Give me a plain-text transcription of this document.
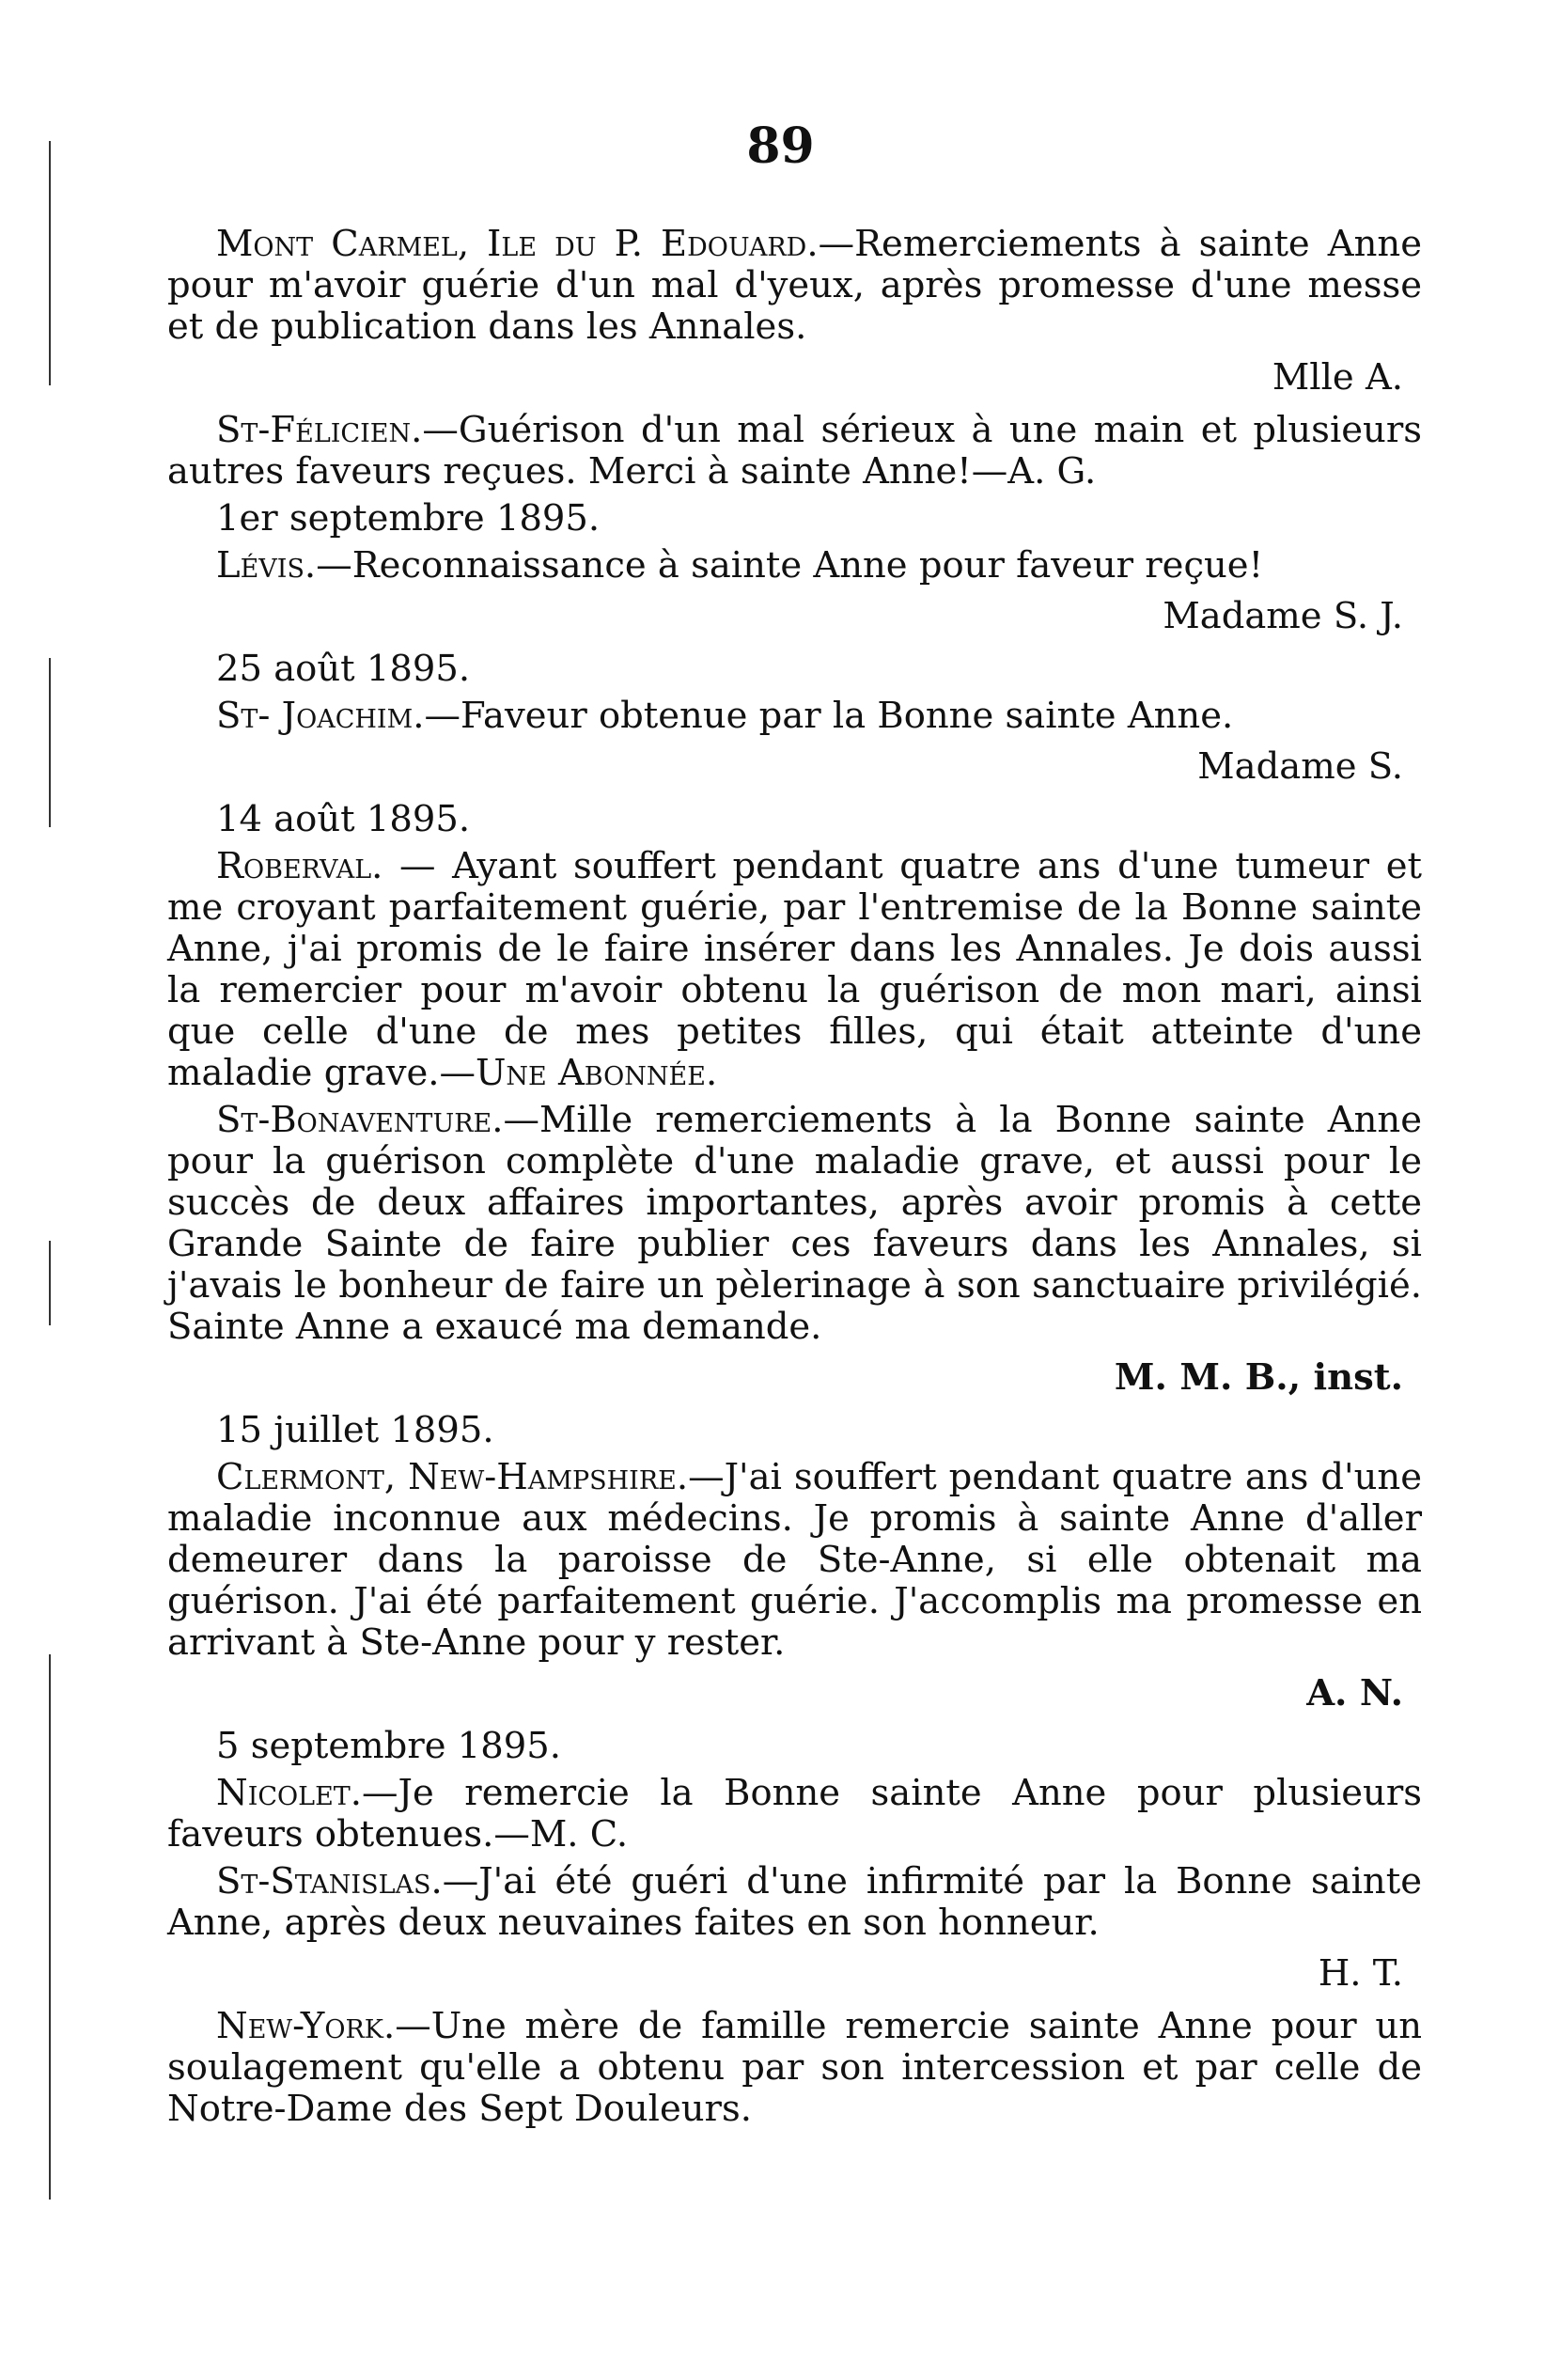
89

Mont Carmel, Ile du P. Edouard.—Remerciements à sainte Anne pour m'avoir guérie d'un mal d'yeux, après promesse d'une messe et de publication dans les Annales.

Mlle A.

St-Félicien.—Guérison d'un mal sérieux à une main et plusieurs autres faveurs reçues. Merci à sainte Anne!—A. G.

1er septembre 1895.

Lévis.—Reconnaissance à sainte Anne pour faveur reçue!

Madame S. J.
25 août 1895.

St- Joachim.—Faveur obtenue par la Bonne sainte Anne.

Madame S.
14 août 1895.

Roberval. — Ayant souffert pendant quatre ans d'une tumeur et me croyant parfaitement guérie, par l'entremise de la Bonne sainte Anne, j'ai promis de le faire insérer dans les Annales. Je dois aussi la remercier pour m'avoir obtenu la guérison de mon mari, ainsi que celle d'une de mes petites filles, qui était atteinte d'une maladie grave.—Une Abonnée.

St-Bonaventure.—Mille remerciements à la Bonne sainte Anne pour la guérison complète d'une maladie grave, et aussi pour le succès de deux affaires importantes, après avoir promis à cette Grande Sainte de faire publier ces faveurs dans les Annales, si j'avais le bonheur de faire un pèlerinage à son sanctuaire privilégié. Sainte Anne a exaucé ma demande.

M. M. B., inst.
15 juillet 1895.

Clermont, New-Hampshire.—J'ai souffert pendant quatre ans d'une maladie inconnue aux médecins. Je promis à sainte Anne d'aller demeurer dans la paroisse de Ste-Anne, si elle obtenait ma guérison. J'ai été parfaitement guérie. J'accomplis ma promesse en arrivant à Ste-Anne pour y rester.

A. N.
5 septembre 1895.

Nicolet.—Je remercie la Bonne sainte Anne pour plusieurs faveurs obtenues.—M. C.

St-Stanislas.—J'ai été guéri d'une infirmité par la Bonne sainte Anne, après deux neuvaines faites en son honneur.

H. T.

New-York.—Une mère de famille remercie sainte Anne pour un soulagement qu'elle a obtenu par son intercession et par celle de Notre-Dame des Sept Douleurs.
